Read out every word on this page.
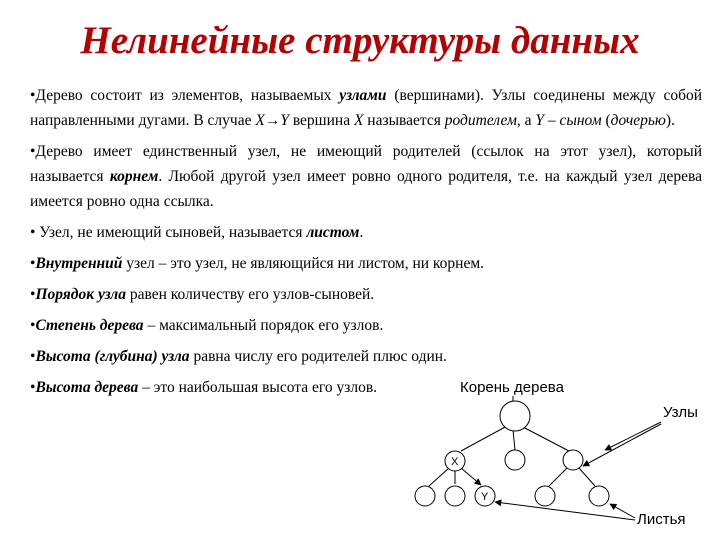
Нелинейные структуры данных

•Дерево состоит из элементов, называемых узлами (вершинами). Узлы соединены между собой направленными дугами. В случае X→Y вершина X называется родителем, а Y – сыном (дочерью).

•Дерево имеет единственный узел, не имеющий родителей (ссылок на этот узел), который называется корнем. Любой другой узел имеет ровно одного родителя, т.е. на каждый узел дерева имеется ровно одна ссылка.

• Узел, не имеющий сыновей, называется листом.

•Внутренний узел – это узел, не являющийся ни листом, ни корнем.

•Порядок узла равен количеству его узлов-сыновей.

•Степень дерева – максимальный порядок его узлов.

•Высота (глубина) узла равна числу его родителей плюс один.

•Высота дерева – это наибольшая высота его узлов.	Корень дерева
Узлы
X
Y
Листья
